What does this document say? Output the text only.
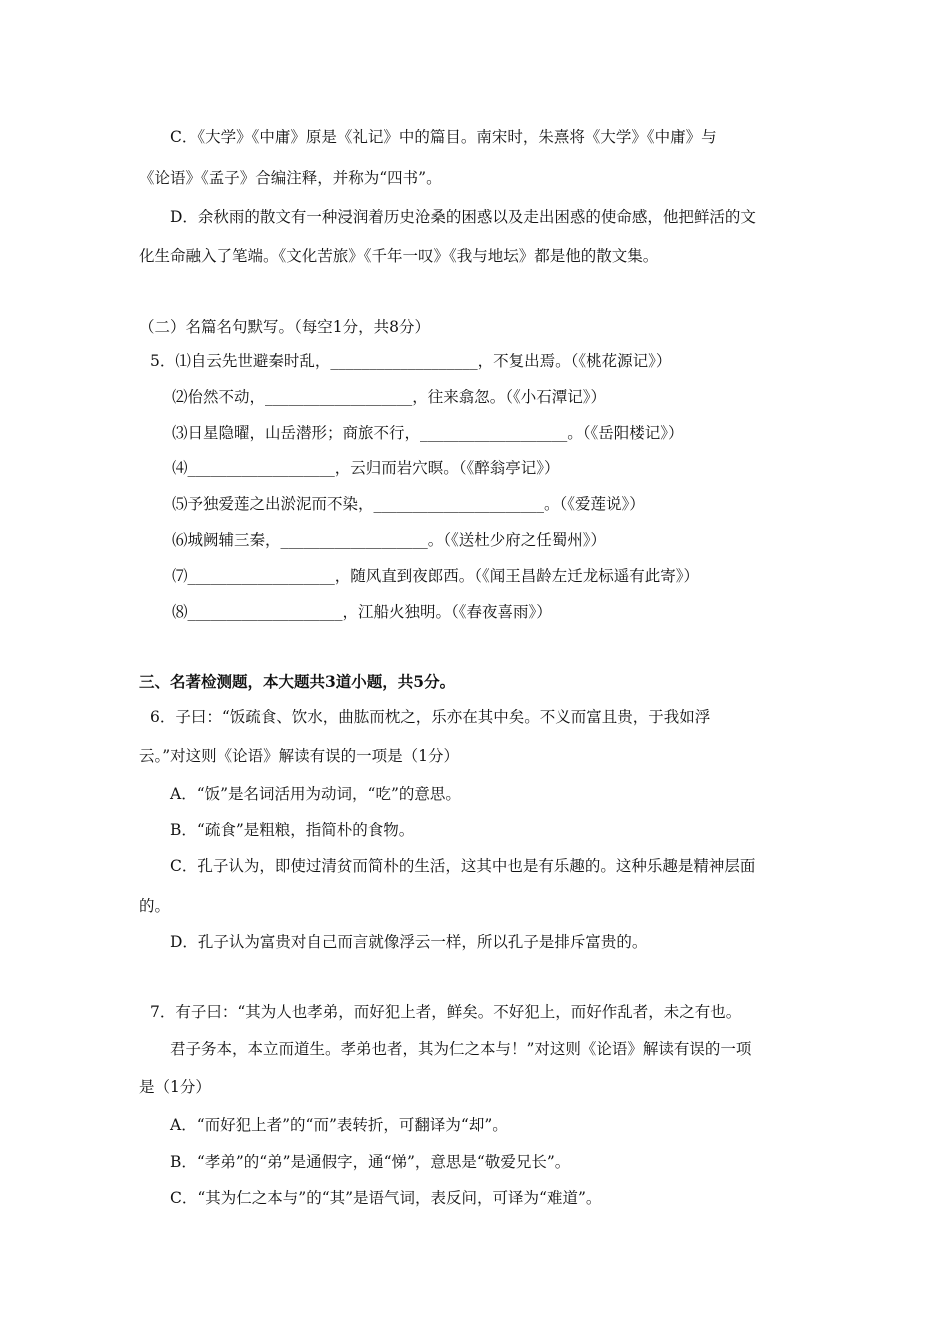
C．《大学》《中庸》原是《礼记》中的篇目。南宋时，朱熹将《大学》《中庸》与
《论语》《孟子》合编注释，并称为“四书”。
D．余秋雨的散文有一种浸润着历史沧桑的困惑以及走出困惑的使命感，他把鲜活的文
化生命融入了笔端。《文化苦旅》《千年一叹》《我与地坛》都是他的散文集。
（二）名篇名句默写。（每空1分，共8分）
5．⑴自云先世避秦时乱，___________________，不复出焉。（《桃花源记》）
⑵佁然不动，___________________，往来翕忽。（《小石潭记》）
⑶日星隐曜，山岳潜形；商旅不行，___________________。（《岳阳楼记》）
⑷___________________，云归而岩穴暝。（《醉翁亭记》）
⑸予独爱莲之出淤泥而不染，______________________。（《爱莲说》）
⑹城阙辅三秦，___________________。（《送杜少府之任蜀州》）
⑺___________________，随风直到夜郎西。（《闻王昌龄左迁龙标遥有此寄》）
⑻____________________，江船火独明。（《春夜喜雨》）
三、名著检测题，本大题共3道小题，共5分。
6．子曰：“饭疏食、饮水，曲肱而枕之，乐亦在其中矣。不义而富且贵，于我如浮
云。”对这则《论语》解读有误的一项是（1分）
A．“饭”是名词活用为动词，“吃”的意思。
B．“疏食”是粗粮，指简朴的食物。
C．孔子认为，即使过清贫而简朴的生活，这其中也是有乐趣的。这种乐趣是精神层面
的。
D．孔子认为富贵对自己而言就像浮云一样，所以孔子是排斥富贵的。
7．有子曰：“其为人也孝弟，而好犯上者，鲜矣。不好犯上，而好作乱者，未之有也。
君子务本，本立而道生。孝弟也者，其为仁之本与！”对这则《论语》解读有误的一项
是（1分）
A．“而好犯上者”的“而”表转折，可翻译为“却”。
B．“孝弟”的“弟”是通假字，通“悌”，意思是“敬爱兄长”。
C．“其为仁之本与”的“其”是语气词，表反问，可译为“难道”。
